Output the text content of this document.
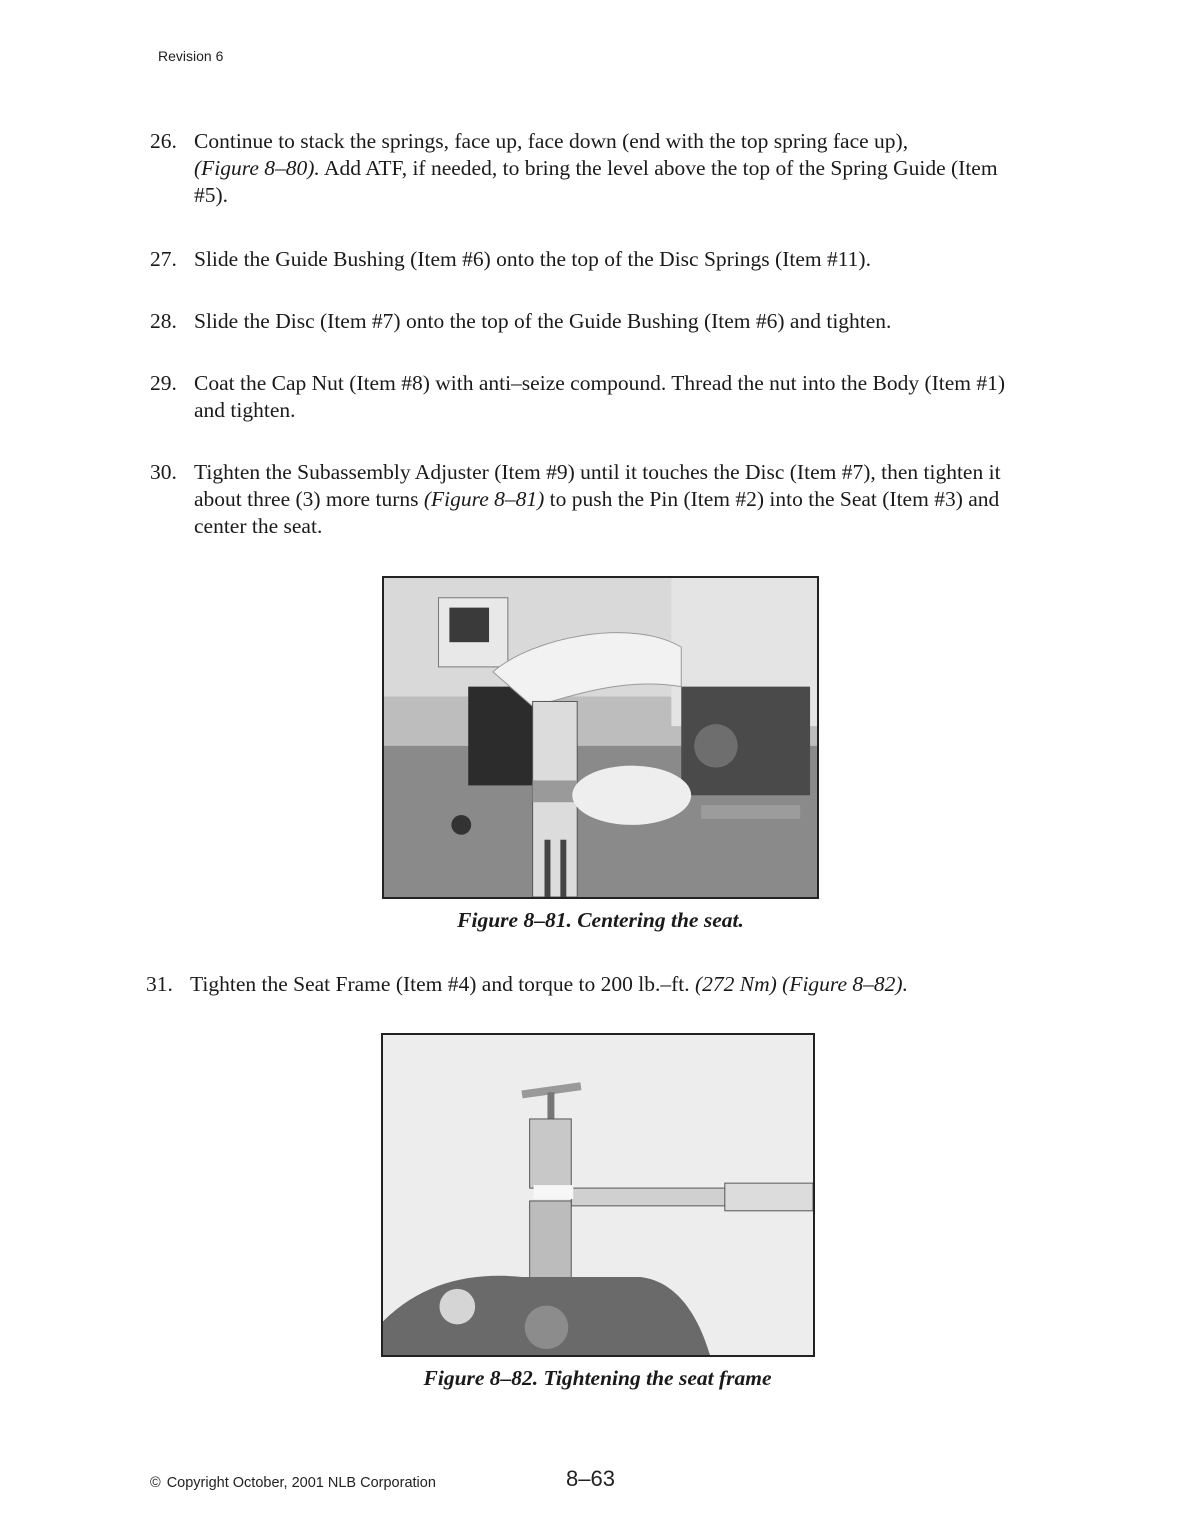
Revision 6
26. Continue to stack the springs, face up, face down (end with the top spring face up),
(Figure 8–80). Add ATF, if needed, to bring the level above the top of the Spring Guide (Item #5).
27. Slide the Guide Bushing (Item #6) onto the top of the Disc Springs (Item #11).
28. Slide the Disc (Item #7) onto the top of the Guide Bushing (Item #6) and tighten.
29. Coat the Cap Nut (Item #8) with anti–seize compound. Thread the nut into the Body (Item #1) and tighten.
30. Tighten the Subassembly Adjuster (Item #9) until it touches the Disc (Item #7), then tighten it about three (3) more turns (Figure 8–81) to push the Pin (Item #2) into the Seat (Item #3) and center the seat.
31. Tighten the Seat Frame (Item #4) and torque to 200 lb.–ft. (272 Nm) (Figure 8–82).
Figure 8–81. Centering the seat.
Figure 8–82. Tightening the seat frame
© Copyright October, 2001 NLB Corporation	8–63
